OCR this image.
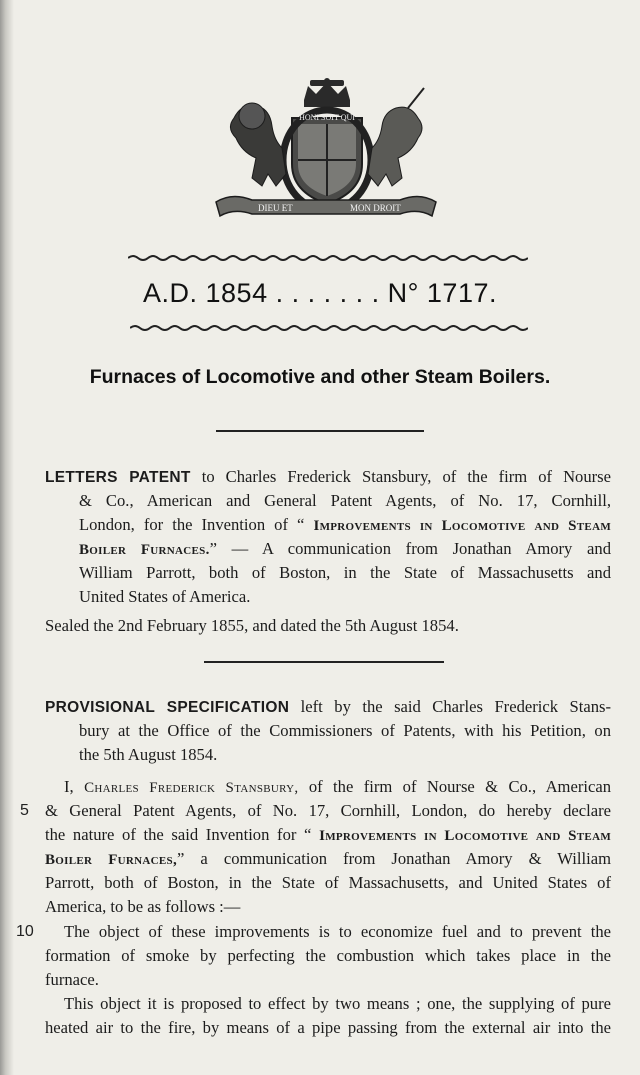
HONI SOIT QUI
DIEU ET	MON DROIT
A.D. 1854 . . . . . . . N° 1717.
Furnaces of Locomotive and other Steam Boilers.
LETTERS PATENT to Charles Frederick Stansbury, of the firm of Nourse
& Co., American and General Patent Agents, of No. 17, Cornhill,
London, for the Invention of “ Improvements in Locomotive and Steam
Boiler Furnaces.” — A communication from Jonathan Amory and
William Parrott, both of Boston, in the State of Massachusetts and
United States of America.
Sealed the 2nd February 1855, and dated the 5th August 1854.
PROVISIONAL SPECIFICATION left by the said Charles Frederick Stans-
bury at the Office of the Commissioners of Patents, with his Petition, on
the 5th August 1854.
I, Charles Frederick Stansbury, of the firm of Nourse & Co., American
5 & General Patent Agents, of No. 17, Cornhill, London, do hereby declare
the nature of the said Invention for “ Improvements in Locomotive and Steam
Boiler Furnaces,” a communication from Jonathan Amory & William
Parrott, both of Boston, in the State of Massachusetts, and United States of
America, to be as follows :—
10 The object of these improvements is to economize fuel and to prevent the
formation of smoke by perfecting the combustion which takes place in the
furnace.
This object it is proposed to effect by two means ; one, the supplying of pure
heated air to the fire, by means of a pipe passing from the external air into the
